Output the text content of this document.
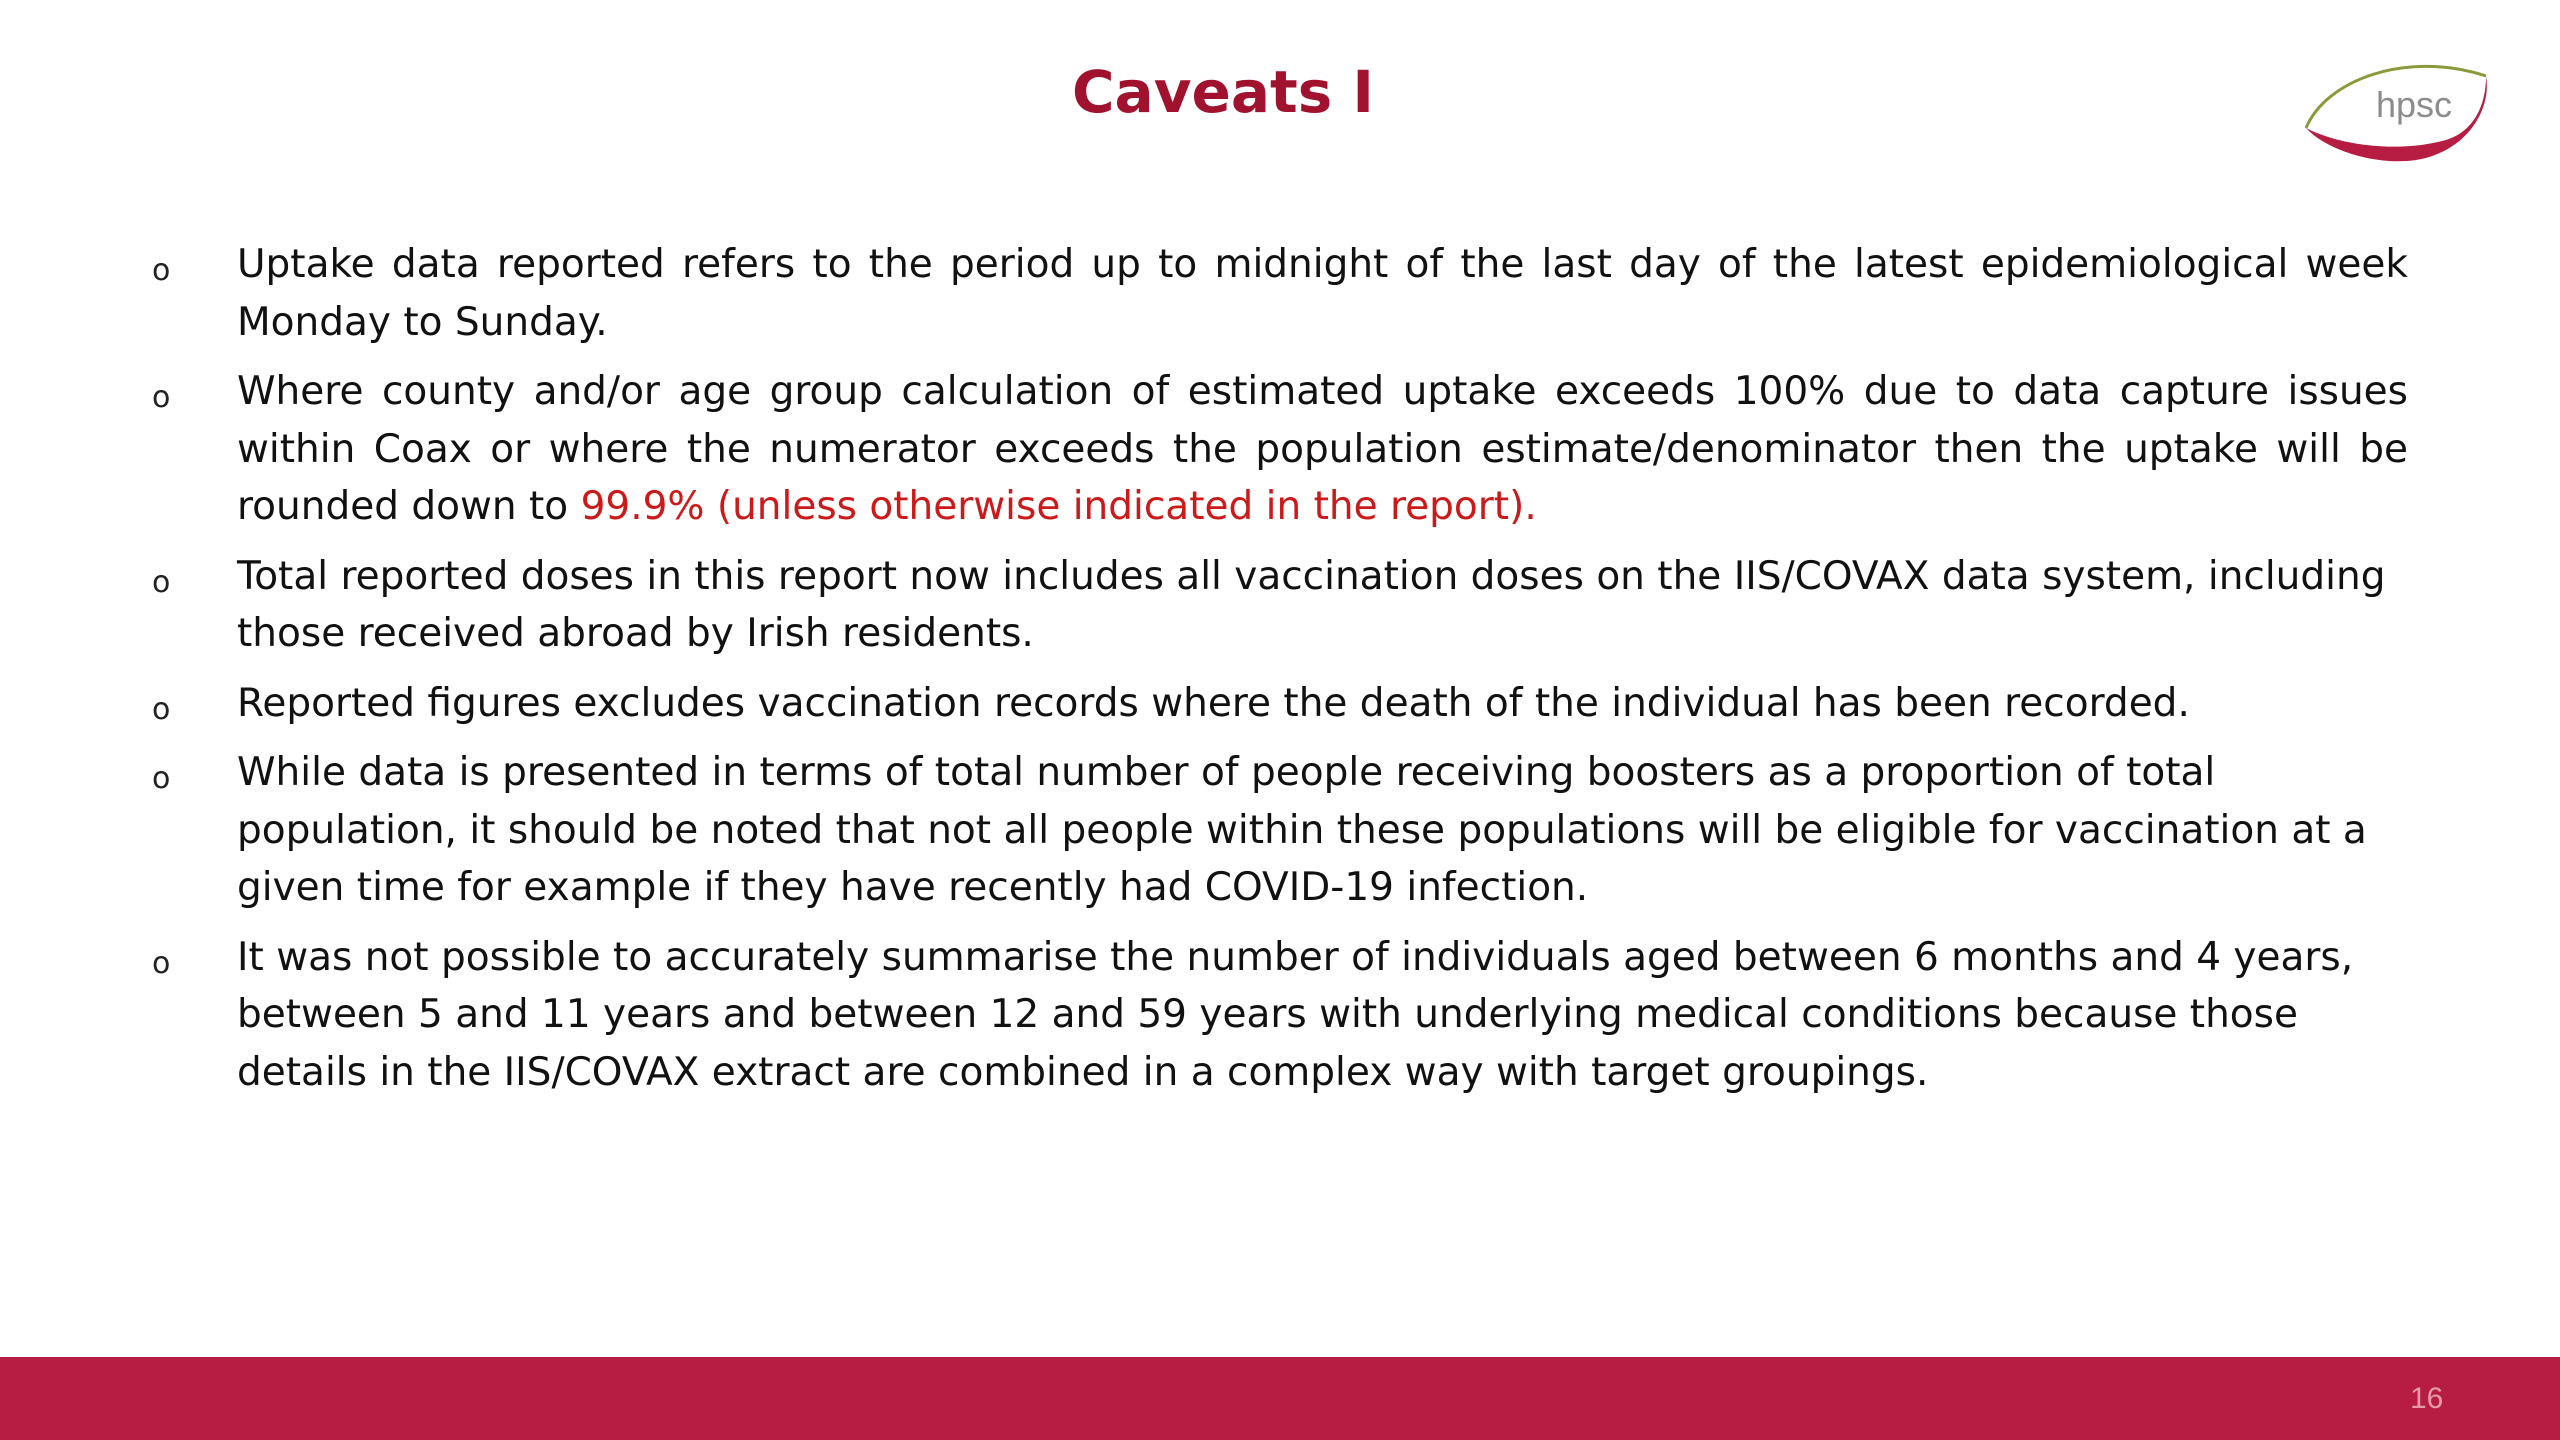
Caveats I	hpsc
o Uptake data reported refers to the period up to midnight of the last day of the latest epidemiological week Monday to Sunday.
o Where county and/or age group calculation of estimated uptake exceeds 100% due to data capture issues within Coax or where the numerator exceeds the population estimate/denominator then the uptake will be rounded down to 99.9% (unless otherwise indicated in the report).
o Total reported doses in this report now includes all vaccination doses on the IIS/COVAX data system, including those received abroad by Irish residents.
o Reported figures excludes vaccination records where the death of the individual has been recorded.
o While data is presented in terms of total number of people receiving boosters as a proportion of total population, it should be noted that not all people within these populations will be eligible for vaccination at a given time for example if they have recently had COVID-19 infection.
o It was not possible to accurately summarise the number of individuals aged between 6 months and 4 years, between 5 and 11 years and between 12 and 59 years with underlying medical conditions because those details in the IIS/COVAX extract are combined in a complex way with target groupings.
16
